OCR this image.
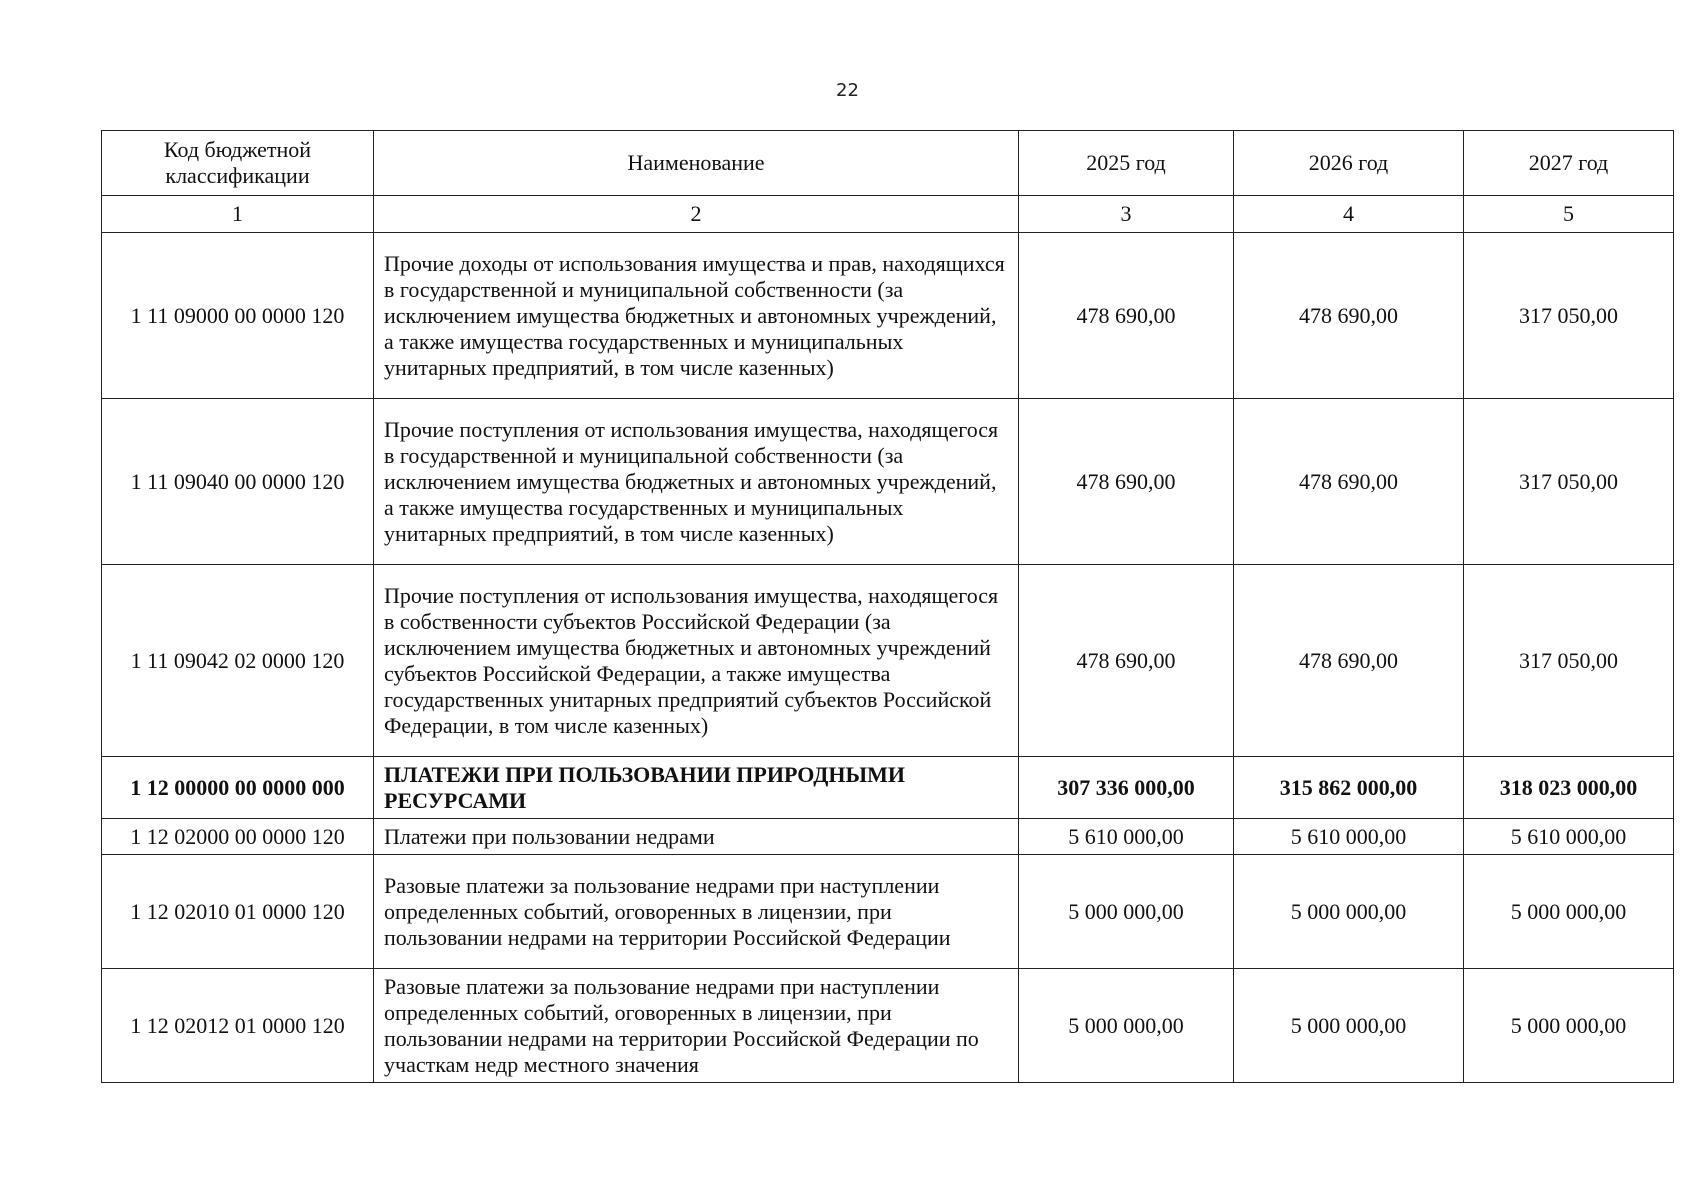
22
Код бюджетной классификации	Наименование	2025 год	2026 год	2027 год
1	2	3	4	5
1 11 09000 00 0000 120	Прочие доходы от использования имущества и прав, находящихся в государственной и муниципальной собственности (за исключением имущества бюджетных и автономных учреждений, а также имущества государственных и муниципальных унитарных предприятий, в том числе казенных)	478 690,00	478 690,00	317 050,00
1 11 09040 00 0000 120	Прочие поступления от использования имущества, находящегося в государственной и муниципальной собственности (за исключением имущества бюджетных и автономных учреждений, а также имущества государственных и муниципальных унитарных предприятий, в том числе казенных)	478 690,00	478 690,00	317 050,00
1 11 09042 02 0000 120	Прочие поступления от использования имущества, находящегося в собственности субъектов Российской Федерации (за исключением имущества бюджетных и автономных учреждений субъектов Российской Федерации, а также имущества государственных унитарных предприятий субъектов Российской Федерации, в том числе казенных)	478 690,00	478 690,00	317 050,00
1 12 00000 00 0000 000	ПЛАТЕЖИ ПРИ ПОЛЬЗОВАНИИ ПРИРОДНЫМИ РЕСУРСАМИ	307 336 000,00	315 862 000,00	318 023 000,00
1 12 02000 00 0000 120	Платежи при пользовании недрами	5 610 000,00	5 610 000,00	5 610 000,00
1 12 02010 01 0000 120	Разовые платежи за пользование недрами при наступлении определенных событий, оговоренных в лицензии, при пользовании недрами на территории Российской Федерации	5 000 000,00	5 000 000,00	5 000 000,00
1 12 02012 01 0000 120	Разовые платежи за пользование недрами при наступлении определенных событий, оговоренных в лицензии, при пользовании недрами на территории Российской Федерации по участкам недр местного значения	5 000 000,00	5 000 000,00	5 000 000,00
